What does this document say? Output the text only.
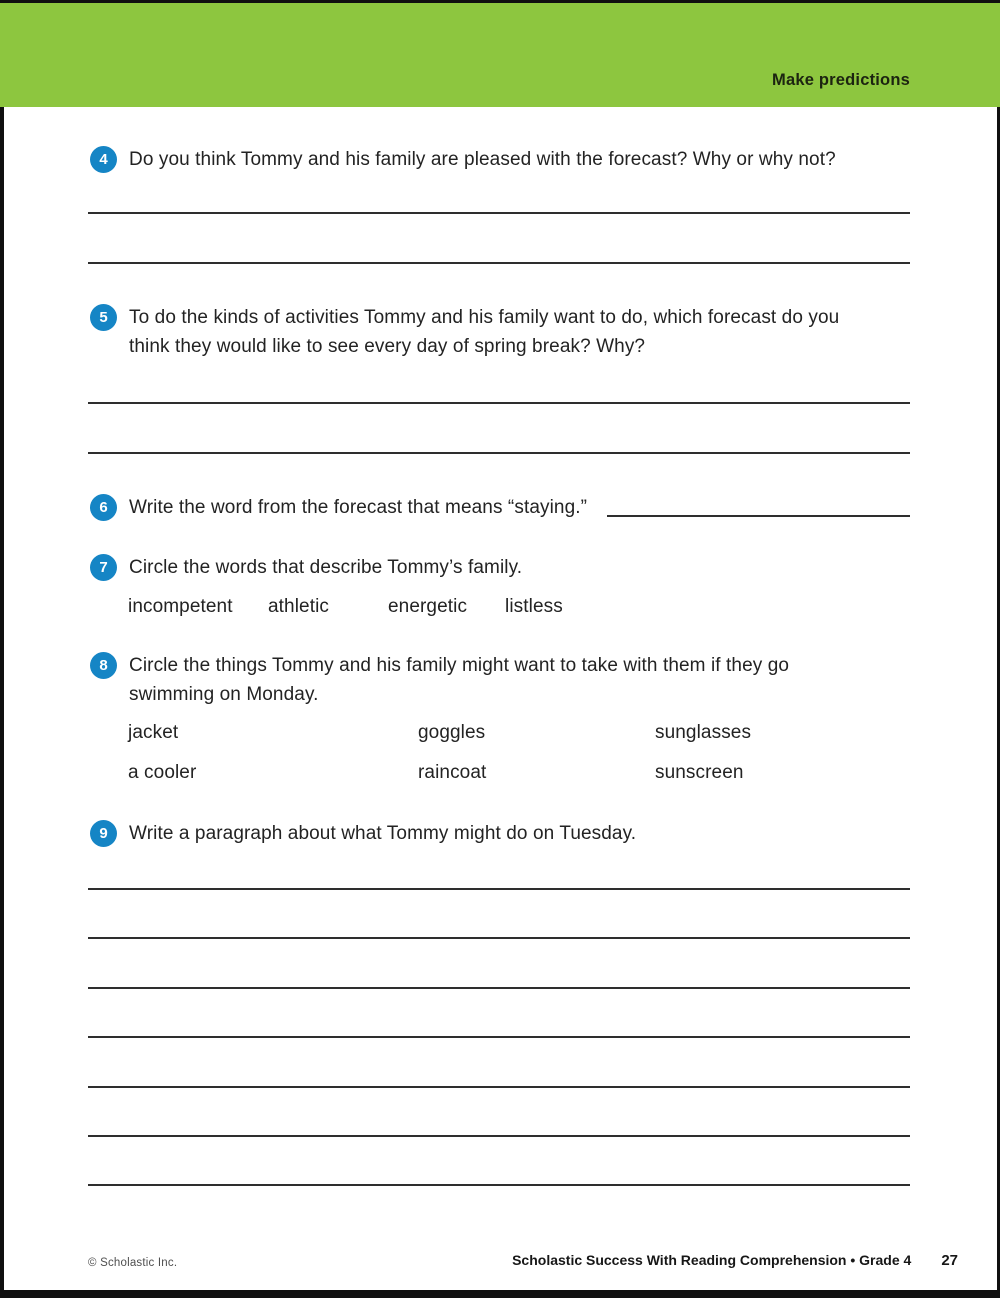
Make predictions
4	Do you think Tommy and his family are pleased with the forecast? Why or why not?
5	To do the kinds of activities Tommy and his family want to do, which forecast do you
think they would like to see every day of spring break? Why?
6	Write the word from the forecast that means “staying.”
7	Circle the words that describe Tommy’s family.
incompetent athletic	energetic listless
8	Circle the things Tommy and his family might want to take with them if they go
swimming on Monday.
jacket	goggles	sunglasses
a cooler	raincoat	sunscreen
9	Write a paragraph about what Tommy might do on Tuesday.
© Scholastic Inc.	Scholastic Success With Reading Comprehension • Grade 4 27
